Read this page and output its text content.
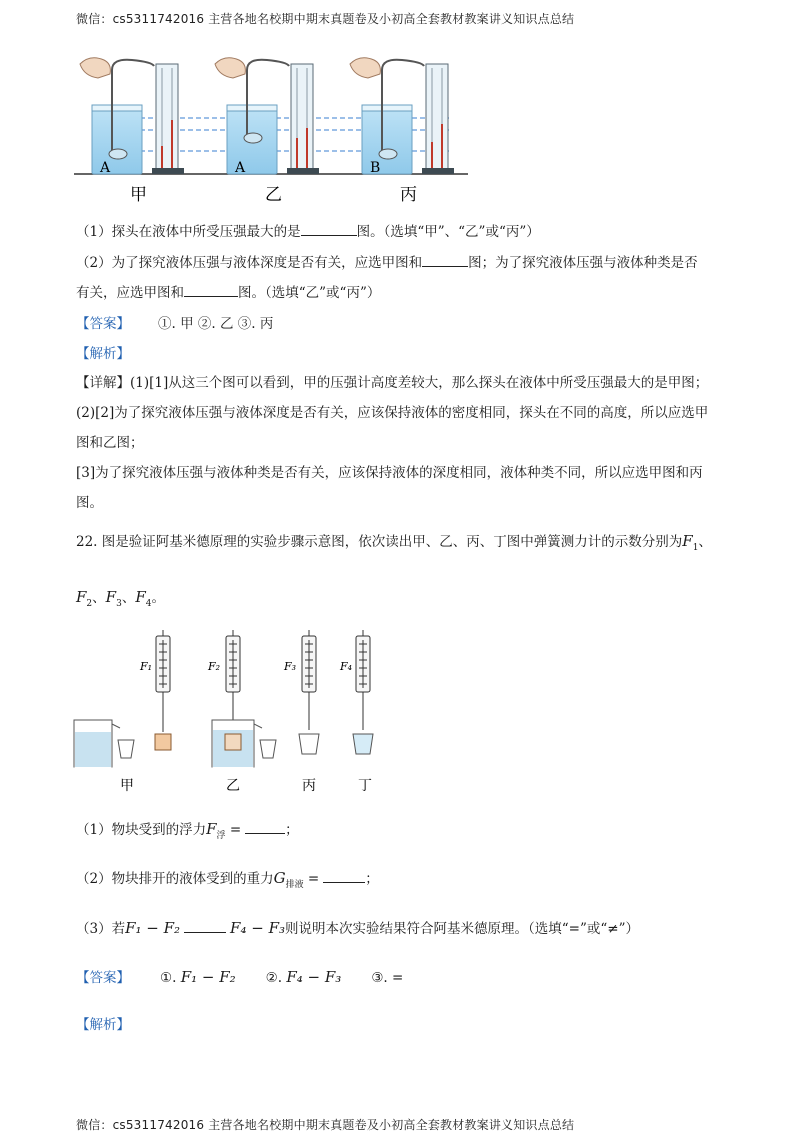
微信：cs5311742016 主营各地名校期中期末真题卷及小初高全套教材教案讲义知识点总结
微信：cs5311742016 主营各地名校期中期末真题卷及小初高全套教材教案讲义知识点总结
A
甲
A
乙
B
丙
（1）探头在液体中所受压强最大的是	图。（选填“甲”、“乙”或“丙”）
（2）为了探究液体压强与液体深度是否有关，应选甲图和	图；为了探究液体压强与液体种类是否
有关，应选甲图和	图。（选填“乙”或“丙”）
【答案】 ①. 甲 ②. 乙 ③. 丙
【解析】
【详解】(1)[1]从这三个图可以看到，甲的压强计高度差较大，那么探头在液体中所受压强最大的是甲图；
(2)[2]为了探究液体压强与液体深度是否有关，应该保持液体的密度相同，探头在不同的高度，所以应选甲
图和乙图；
[3]为了探究液体压强与液体种类是否有关，应该保持液体的深度相同，液体种类不同，所以应选甲图和丙
图。
22. 图是验证阿基米德原理的实验步骤示意图，依次读出甲、乙、丙、丁图中弹簧测力计的示数分别为$F_1$、
$F_2$、$F_3$、$F_4$。
F₁	F₂	F₃	F₄
甲	乙	丙	丁
（1）物块受到的浮力$F_浮$ =	；
（2）物块排开的液体受到的重力$G_{排液}$ =	；
（3）若F₁ − F₂	F₄ − F₃则说明本次实验结果符合阿基米德原理。（选填“=”或“≠”）
【答案】 ①. F₁ − F₂ ②. F₄ − F₃ ③. =
【解析】
